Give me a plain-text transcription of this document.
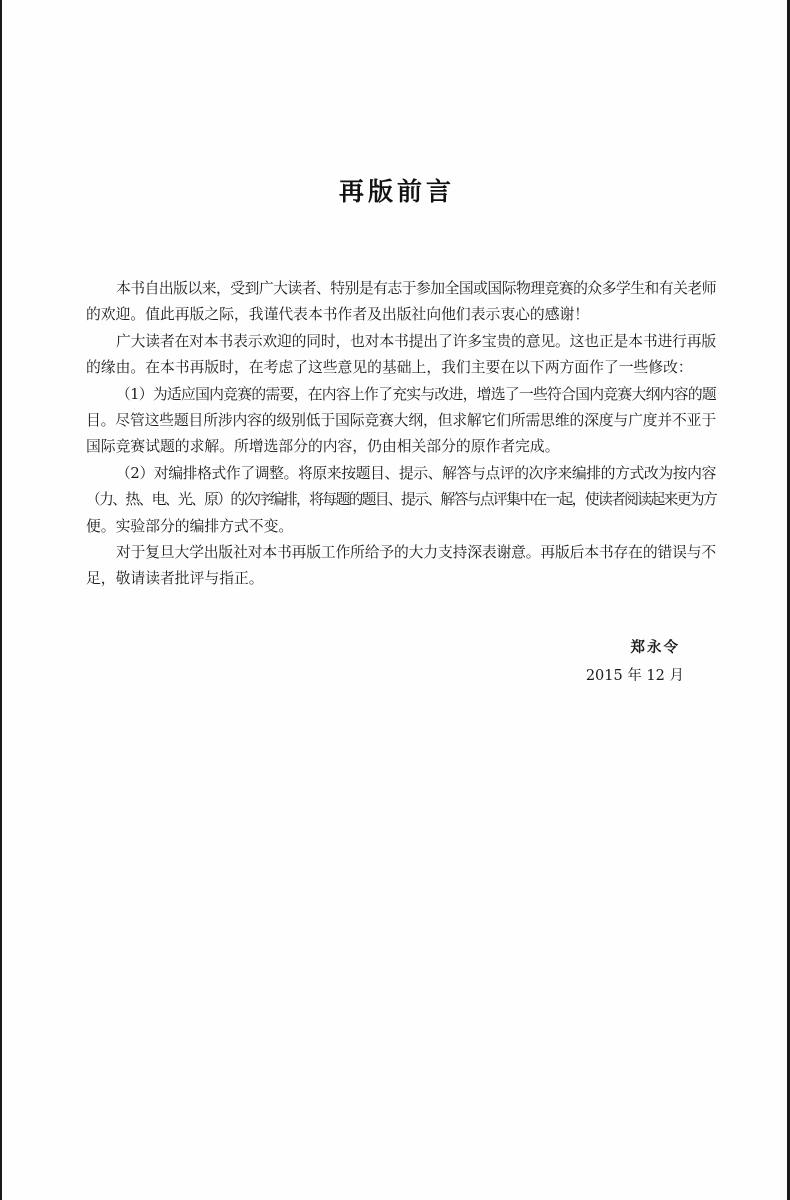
再版前言
本书自出版以来，受到广大读者、特别是有志于参加全国或国际物理竞赛的众多学生和有关老师
的欢迎。值此再版之际，我谨代表本书作者及出版社向他们表示衷心的感谢！
广大读者在对本书表示欢迎的同时，也对本书提出了许多宝贵的意见。这也正是本书进行再版
的缘由。在本书再版时，在考虑了这些意见的基础上，我们主要在以下两方面作了一些修改：
（1）为适应国内竞赛的需要，在内容上作了充实与改进，增选了一些符合国内竞赛大纲内容的题
目。尽管这些题目所涉内容的级别低于国际竞赛大纲，但求解它们所需思维的深度与广度并不亚于
国际竞赛试题的求解。所增选部分的内容，仍由相关部分的原作者完成。
（2）对编排格式作了调整。将原来按题目、提示、解答与点评的次序来编排的方式改为按内容
（力、热、电、光、原）的次序编排，将每题的题目、提示、解答与点评集中在一起，使读者阅读起来更为方
便。实验部分的编排方式不变。
对于复旦大学出版社对本书再版工作所给予的大力支持深表谢意。再版后本书存在的错误与不
足，敬请读者批评与指正。
郑永令
2015 年 12 月
